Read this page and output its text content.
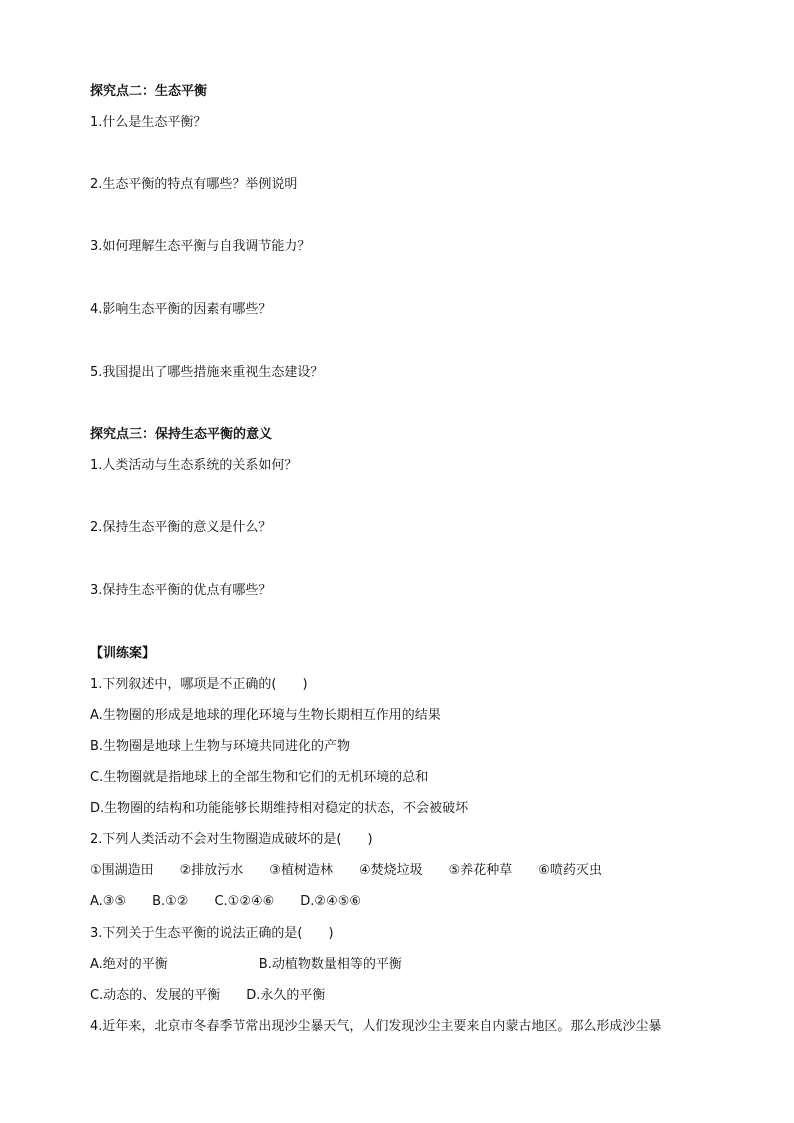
探究点二：生态平衡
1.什么是生态平衡？
2.生态平衡的特点有哪些？举例说明
3.如何理解生态平衡与自我调节能力？
4.影响生态平衡的因素有哪些？
5.我国提出了哪些措施来重视生态建设？
探究点三：保持生态平衡的意义
1.人类活动与生态系统的关系如何？
2.保持生态平衡的意义是什么？
3.保持生态平衡的优点有哪些？
【训练案】
1.下列叙述中，哪项是不正确的(  )
A.生物圈的形成是地球的理化环境与生物长期相互作用的结果
B.生物圈是地球上生物与环境共同进化的产物
C.生物圈就是指地球上的全部生物和它们的无机环境的总和
D.生物圈的结构和功能能够长期维持相对稳定的状态，不会被破坏
2.下列人类活动不会对生物圈造成破坏的是(  )
①围湖造田  ②排放污水  ③植树造林  ④焚烧垃圾  ⑤养花种草  ⑥喷药灭虫
A.③⑤  B.①②  C.①②④⑥  D.②④⑤⑥
3.下列关于生态平衡的说法正确的是(  )
A.绝对的平衡       B.动植物数量相等的平衡
C.动态的、发展的平衡  D.永久的平衡
4.近年来，北京市冬春季节常出现沙尘暴天气，人们发现沙尘主要来自内蒙古地区。那么形成沙尘暴
